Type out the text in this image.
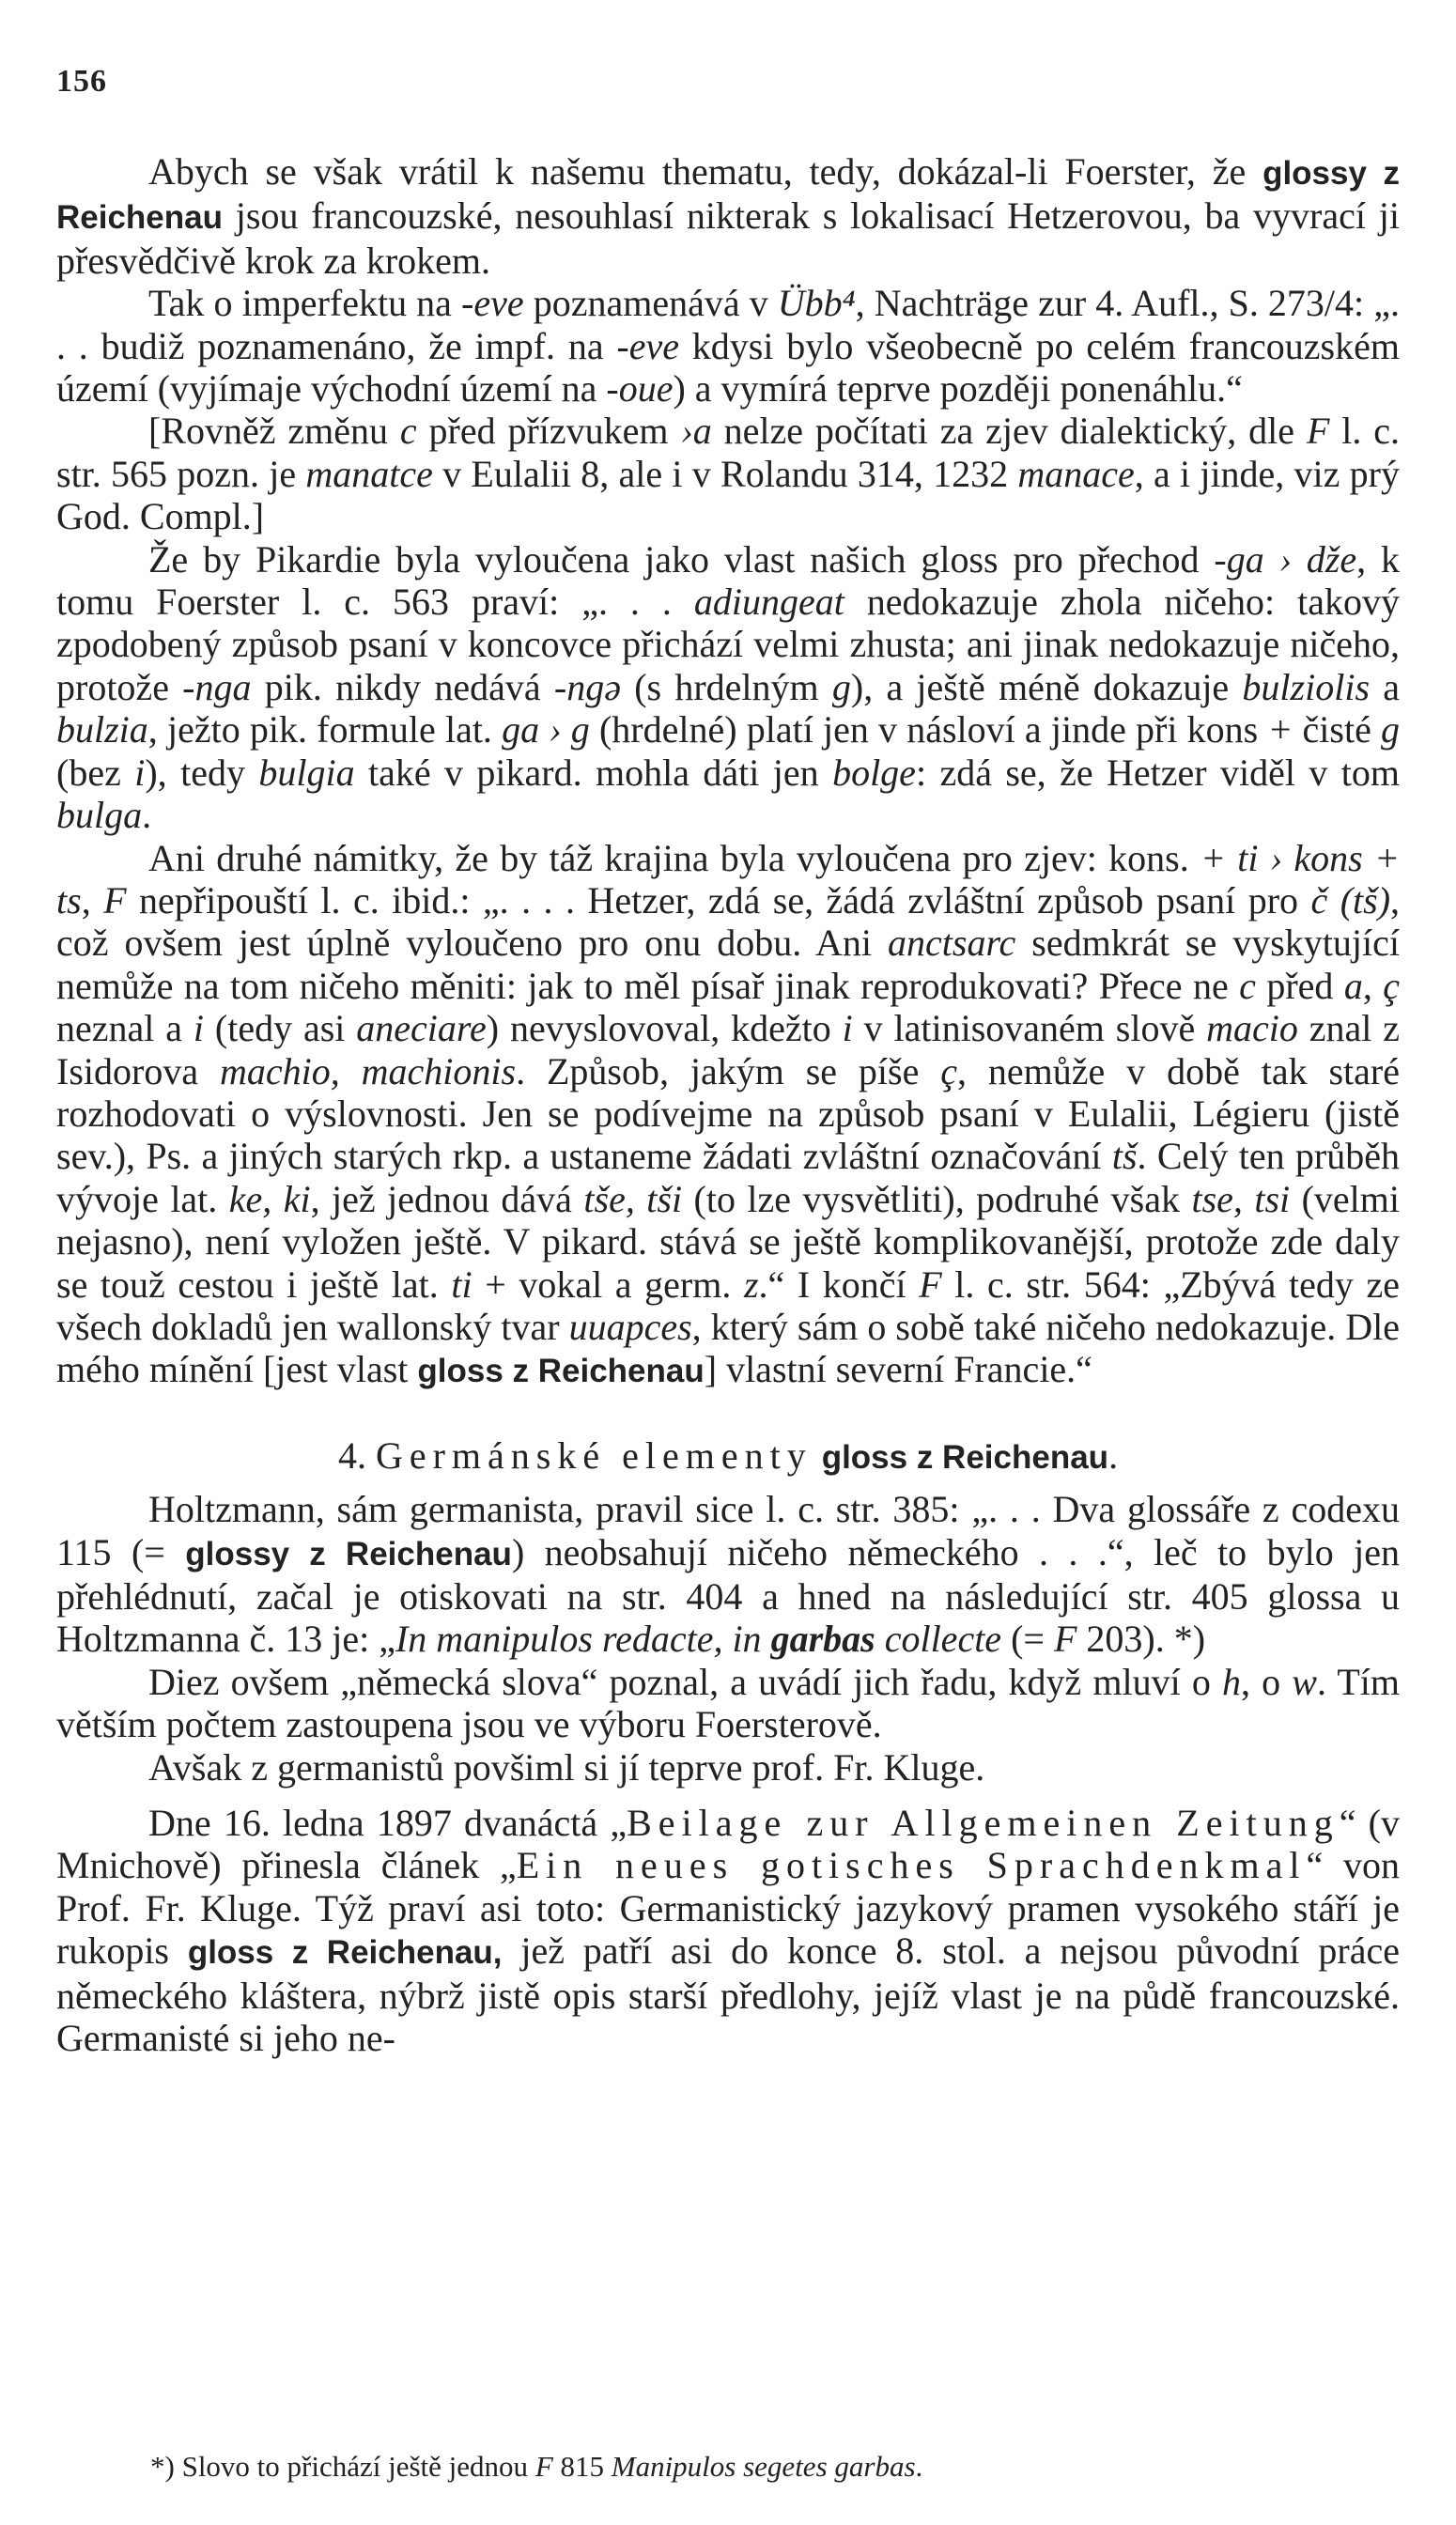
156

Abych se však vrátil k našemu thematu, tedy, dokázal-li Foerster, že glossy z Reichenau jsou francouzské, nesouhlasí nikterak s lokalisací Hetzerovou, ba vyvrací ji přesvědčivě krok za krokem.

Tak o imperfektu na -eve poznamenává v Übb⁴, Nachträge zur 4. Aufl., S. 273/4: „. . . budiž poznamenáno, že impf. na -eve kdysi bylo všeobecně po celém francouzském území (vyjímaje východní území na -oue) a vymírá teprve později ponenáhlu.“

[Rovněž změnu c před přízvukem ›a nelze počítati za zjev dialektický, dle F l. c. str. 565 pozn. je manatce v Eulalii 8, ale i v Rolandu 314, 1232 manace, a i jinde, viz prý God. Compl.]

Že by Pikardie byla vyloučena jako vlast našich gloss pro přechod -ga › dže, k tomu Foerster l. c. 563 praví: „. . . adiungeat nedokazuje zhola ničeho: takový zpodobený způsob psaní v koncovce přichází velmi zhusta; ani jinak nedokazuje ničeho, protože -nga pik. nikdy nedává -ngə (s hrdelným g), a ještě méně dokazuje bulziolis a bulzia, ježto pik. formule lat. ga › g (hrdelné) platí jen v násloví a jinde při kons + čisté g (bez i), tedy bulgia také v pikard. mohla dáti jen bolge: zdá se, že Hetzer viděl v tom bulga.

Ani druhé námitky, že by táž krajina byla vyloučena pro zjev: kons. + ti › kons + ts, F nepřipouští l. c. ibid.: „. . . . Hetzer, zdá se, žádá zvláštní způsob psaní pro č (tš), což ovšem jest úplně vyloučeno pro onu dobu. Ani anctsarc sedmkrát se vyskytující nemůže na tom ničeho měniti: jak to měl písař jinak reprodukovati? Přece ne c před a, ç neznal a i (tedy asi aneciare) nevyslovoval, kdežto i v latinisovaném slově macio znal z Isidorova machio, machionis. Způsob, jakým se píše ç, nemůže v době tak staré rozhodovati o výslovnosti. Jen se podívejme na způsob psaní v Eulalii, Légieru (jistě sev.), Ps. a jiných starých rkp. a ustaneme žádati zvláštní označování tš. Celý ten průběh vývoje lat. ke, ki, jež jednou dává tše, tši (to lze vysvětliti), podruhé však tse, tsi (velmi nejasno), není vyložen ještě. V pikard. stává se ještě komplikovanější, protože zde daly se touž cestou i ještě lat. ti + vokal a germ. z.“ I končí F l. c. str. 564: „Zbývá tedy ze všech dokladů jen wallonský tvar uuapces, který sám o sobě také ničeho nedokazuje. Dle mého mínění [jest vlast gloss z Reichenau] vlastní severní Francie.“

4. Germánské elementy gloss z Reichenau.

Holtzmann, sám germanista, pravil sice l. c. str. 385: „. . . Dva glossáře z codexu 115 (= glossy z Reichenau) neobsahují ničeho německého . . .“, leč to bylo jen přehlédnutí, začal je otiskovati na str. 404 a hned na následující str. 405 glossa u Holtzmanna č. 13 je: „In manipulos redacte, in garbas collecte (= F 203). *)

Diez ovšem „německá slova“ poznal, a uvádí jich řadu, když mluví o h, o w. Tím větším počtem zastoupena jsou ve výboru Foersterově.

Avšak z germanistů povšiml si jí teprve prof. Fr. Kluge.

Dne 16. ledna 1897 dvanáctá „Beilage zur Allgemeinen Zeitung“ (v Mnichově) přinesla článek „Ein neues gotisches Sprachdenkmal“ von Prof. Fr. Kluge. Týž praví asi toto: Germanistický jazykový pramen vysokého stáří je rukopis gloss z Reichenau, jež patří asi do konce 8. stol. a nejsou původní práce německého kláštera, nýbrž jistě opis starší předlohy, jejíž vlast je na půdě francouzské. Germanisté si jeho ne-

*) Slovo to přichází ještě jednou F 815 Manipulos segetes garbas.
